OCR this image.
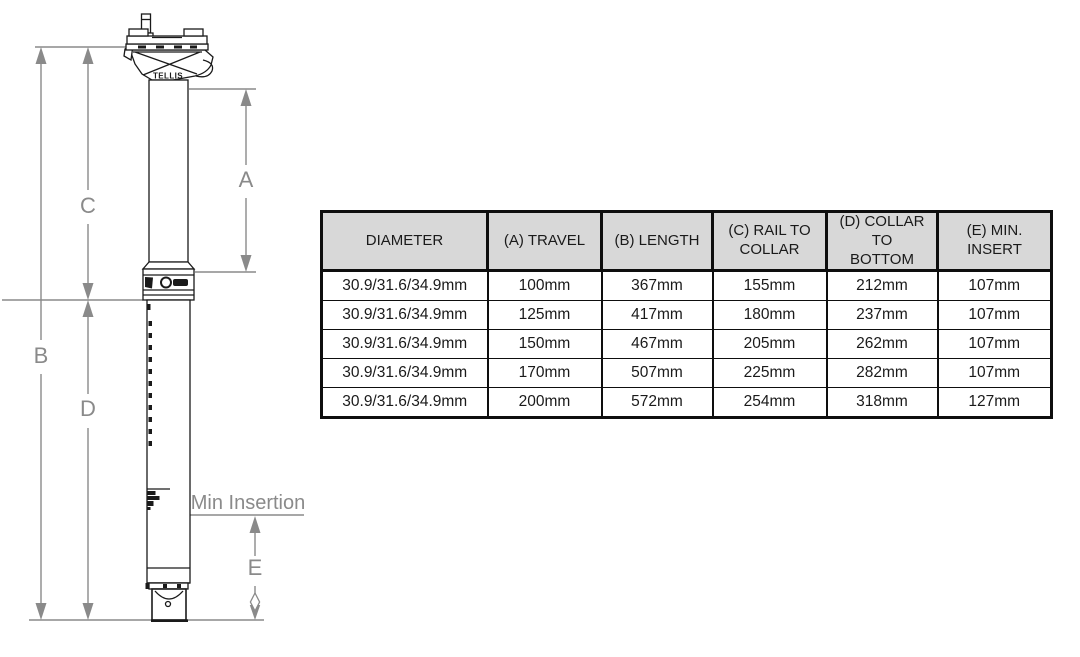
B
C
D
A
E
Min Insertion
TELLIS
DIAMETER	(A) TRAVEL	(B) LENGTH	(C) RAIL TO COLLAR	(D) COLLAR TO BOTTOM	(E) MIN. INSERT
30.9/31.6/34.9mm	100mm	367mm	155mm	212mm	107mm
30.9/31.6/34.9mm	125mm	417mm	180mm	237mm	107mm
30.9/31.6/34.9mm	150mm	467mm	205mm	262mm	107mm
30.9/31.6/34.9mm	170mm	507mm	225mm	282mm	107mm
30.9/31.6/34.9mm	200mm	572mm	254mm	318mm	127mm
